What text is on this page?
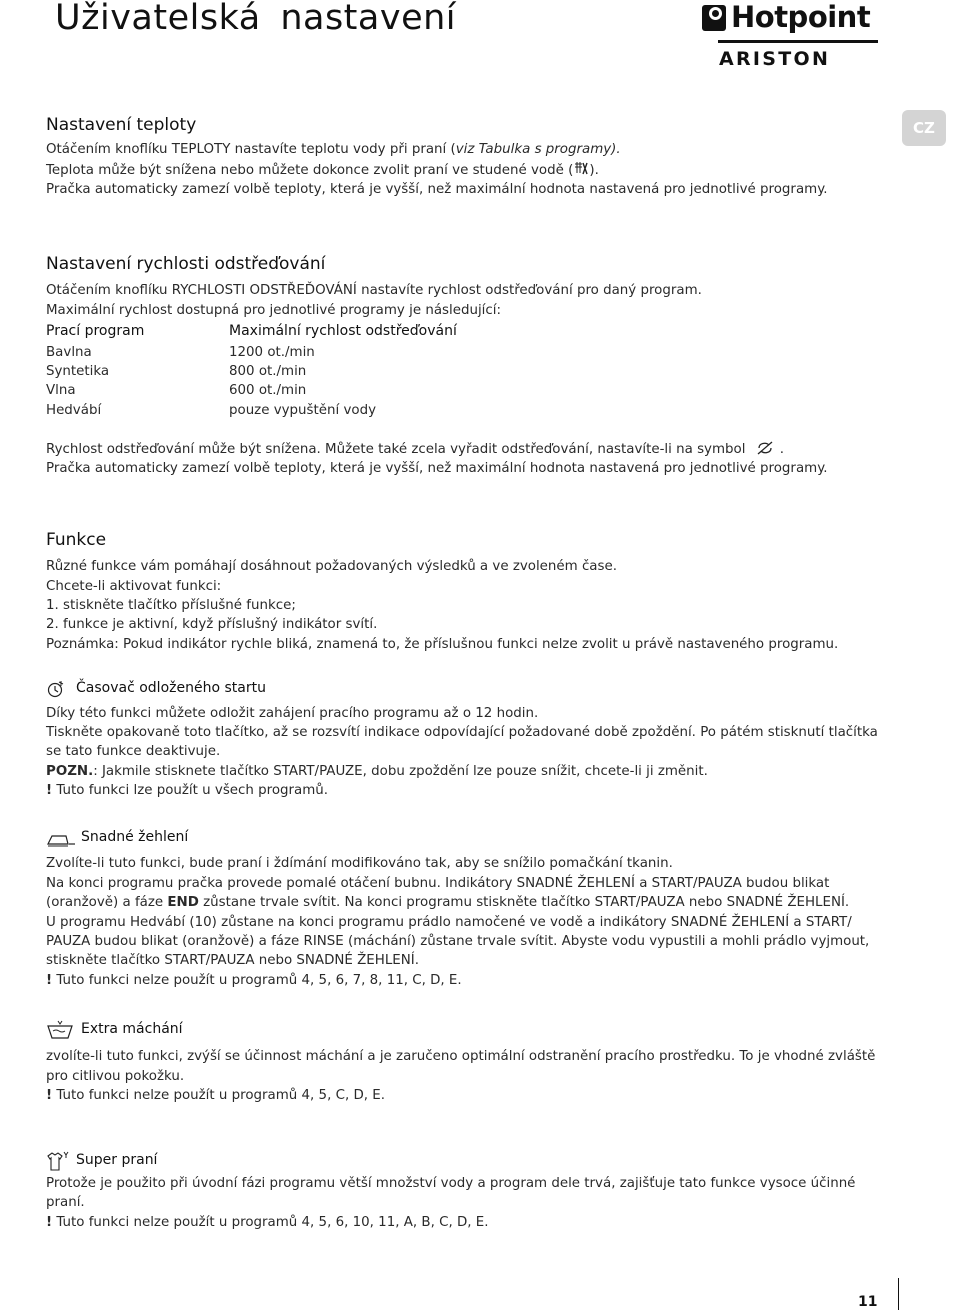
Uživatelská nastavení	Hotpoint
ARISTON
CZ
Nastavení teploty
Otáčením knoflíku TEPLOTY nastavíte teplotu vody při praní (viz Tabulka s programy).
Teplota může být snížena nebo můžete dokonce zvolit praní ve studené vodě ( ).
Pračka automaticky zamezí volbě teploty, která je vyšší, než maximální hodnota nastavená pro jednotlivé programy.
Nastavení rychlosti odstřeďování
Otáčením knoflíku RYCHLOSTI ODSTŘEĎOVÁNÍ nastavíte rychlost odstřeďování pro daný program.
Maximální rychlost dostupná pro jednotlivé programy je následující:
Prací program	Maximální rychlost odstřeďování
Bavlna	1200 ot./min
Syntetika	800 ot./min
Vlna	600 ot./min
Hedvábí	pouze vypuštění vody
Rychlost odstřeďování může být snížena. Můžete také zcela vyřadit odstřeďování, nastavíte-li na symbol	.
Pračka automaticky zamezí volbě teploty, která je vyšší, než maximální hodnota nastavená pro jednotlivé programy.
Funkce
Různé funkce vám pomáhají dosáhnout požadovaných výsledků a ve zvoleném čase.
Chcete-li aktivovat funkci:
1. stiskněte tlačítko příslušné funkce;
2. funkce je aktivní, když příslušný indikátor svítí.
Poznámka: Pokud indikátor rychle bliká, znamená to, že příslušnou funkci nelze zvolit u právě nastaveného programu.
Časovač odloženého startu
Díky této funkci můžete odložit zahájení pracího programu až o 12 hodin.
Tiskněte opakovaně toto tlačítko, až se rozsvítí indikace odpovídající požadované době zpoždění. Po pátém stisknutí tlačítka
se tato funkce deaktivuje.
POZN.: Jakmile stisknete tlačítko START/PAUZE, dobu zpoždění lze pouze snížit, chcete-li ji změnit.
! Tuto funkci lze použít u všech programů.
Snadné žehlení
Zvolíte-li tuto funkci, bude praní i ždímání modifikováno tak, aby se snížilo pomačkání tkanin.
Na konci programu pračka provede pomalé otáčení bubnu. Indikátory SNADNÉ ŽEHLENÍ a START/PAUZA budou blikat
(oranžově) a fáze END zůstane trvale svítit. Na konci programu stiskněte tlačítko START/PAUZA nebo SNADNÉ ŽEHLENÍ.
U programu Hedvábí (10) zůstane na konci programu prádlo namočené ve vodě a indikátory SNADNÉ ŽEHLENÍ a START/
PAUZA budou blikat (oranžově) a fáze RINSE (máchání) zůstane trvale svítit. Abyste vodu vypustili a mohli prádlo vyjmout,
stiskněte tlačítko START/PAUZA nebo SNADNÉ ŽEHLENÍ.
! Tuto funkci nelze použít u programů 4, 5, 6, 7, 8, 11, C, D, E.
Extra máchání
zvolíte-li tuto funkci, zvýší se účinnost máchání a je zaručeno optimální odstranění pracího prostředku. To je vhodné zvláště
pro citlivou pokožku.
! Tuto funkci nelze použít u programů 4, 5, C, D, E.
Super praní
Protože je použito při úvodní fázi programu větší množství vody a program dele trvá, zajišťuje tato funkce vysoce účinné
praní.
! Tuto funkci nelze použít u programů 4, 5, 6, 10, 11, A, B, C, D, E.
11
